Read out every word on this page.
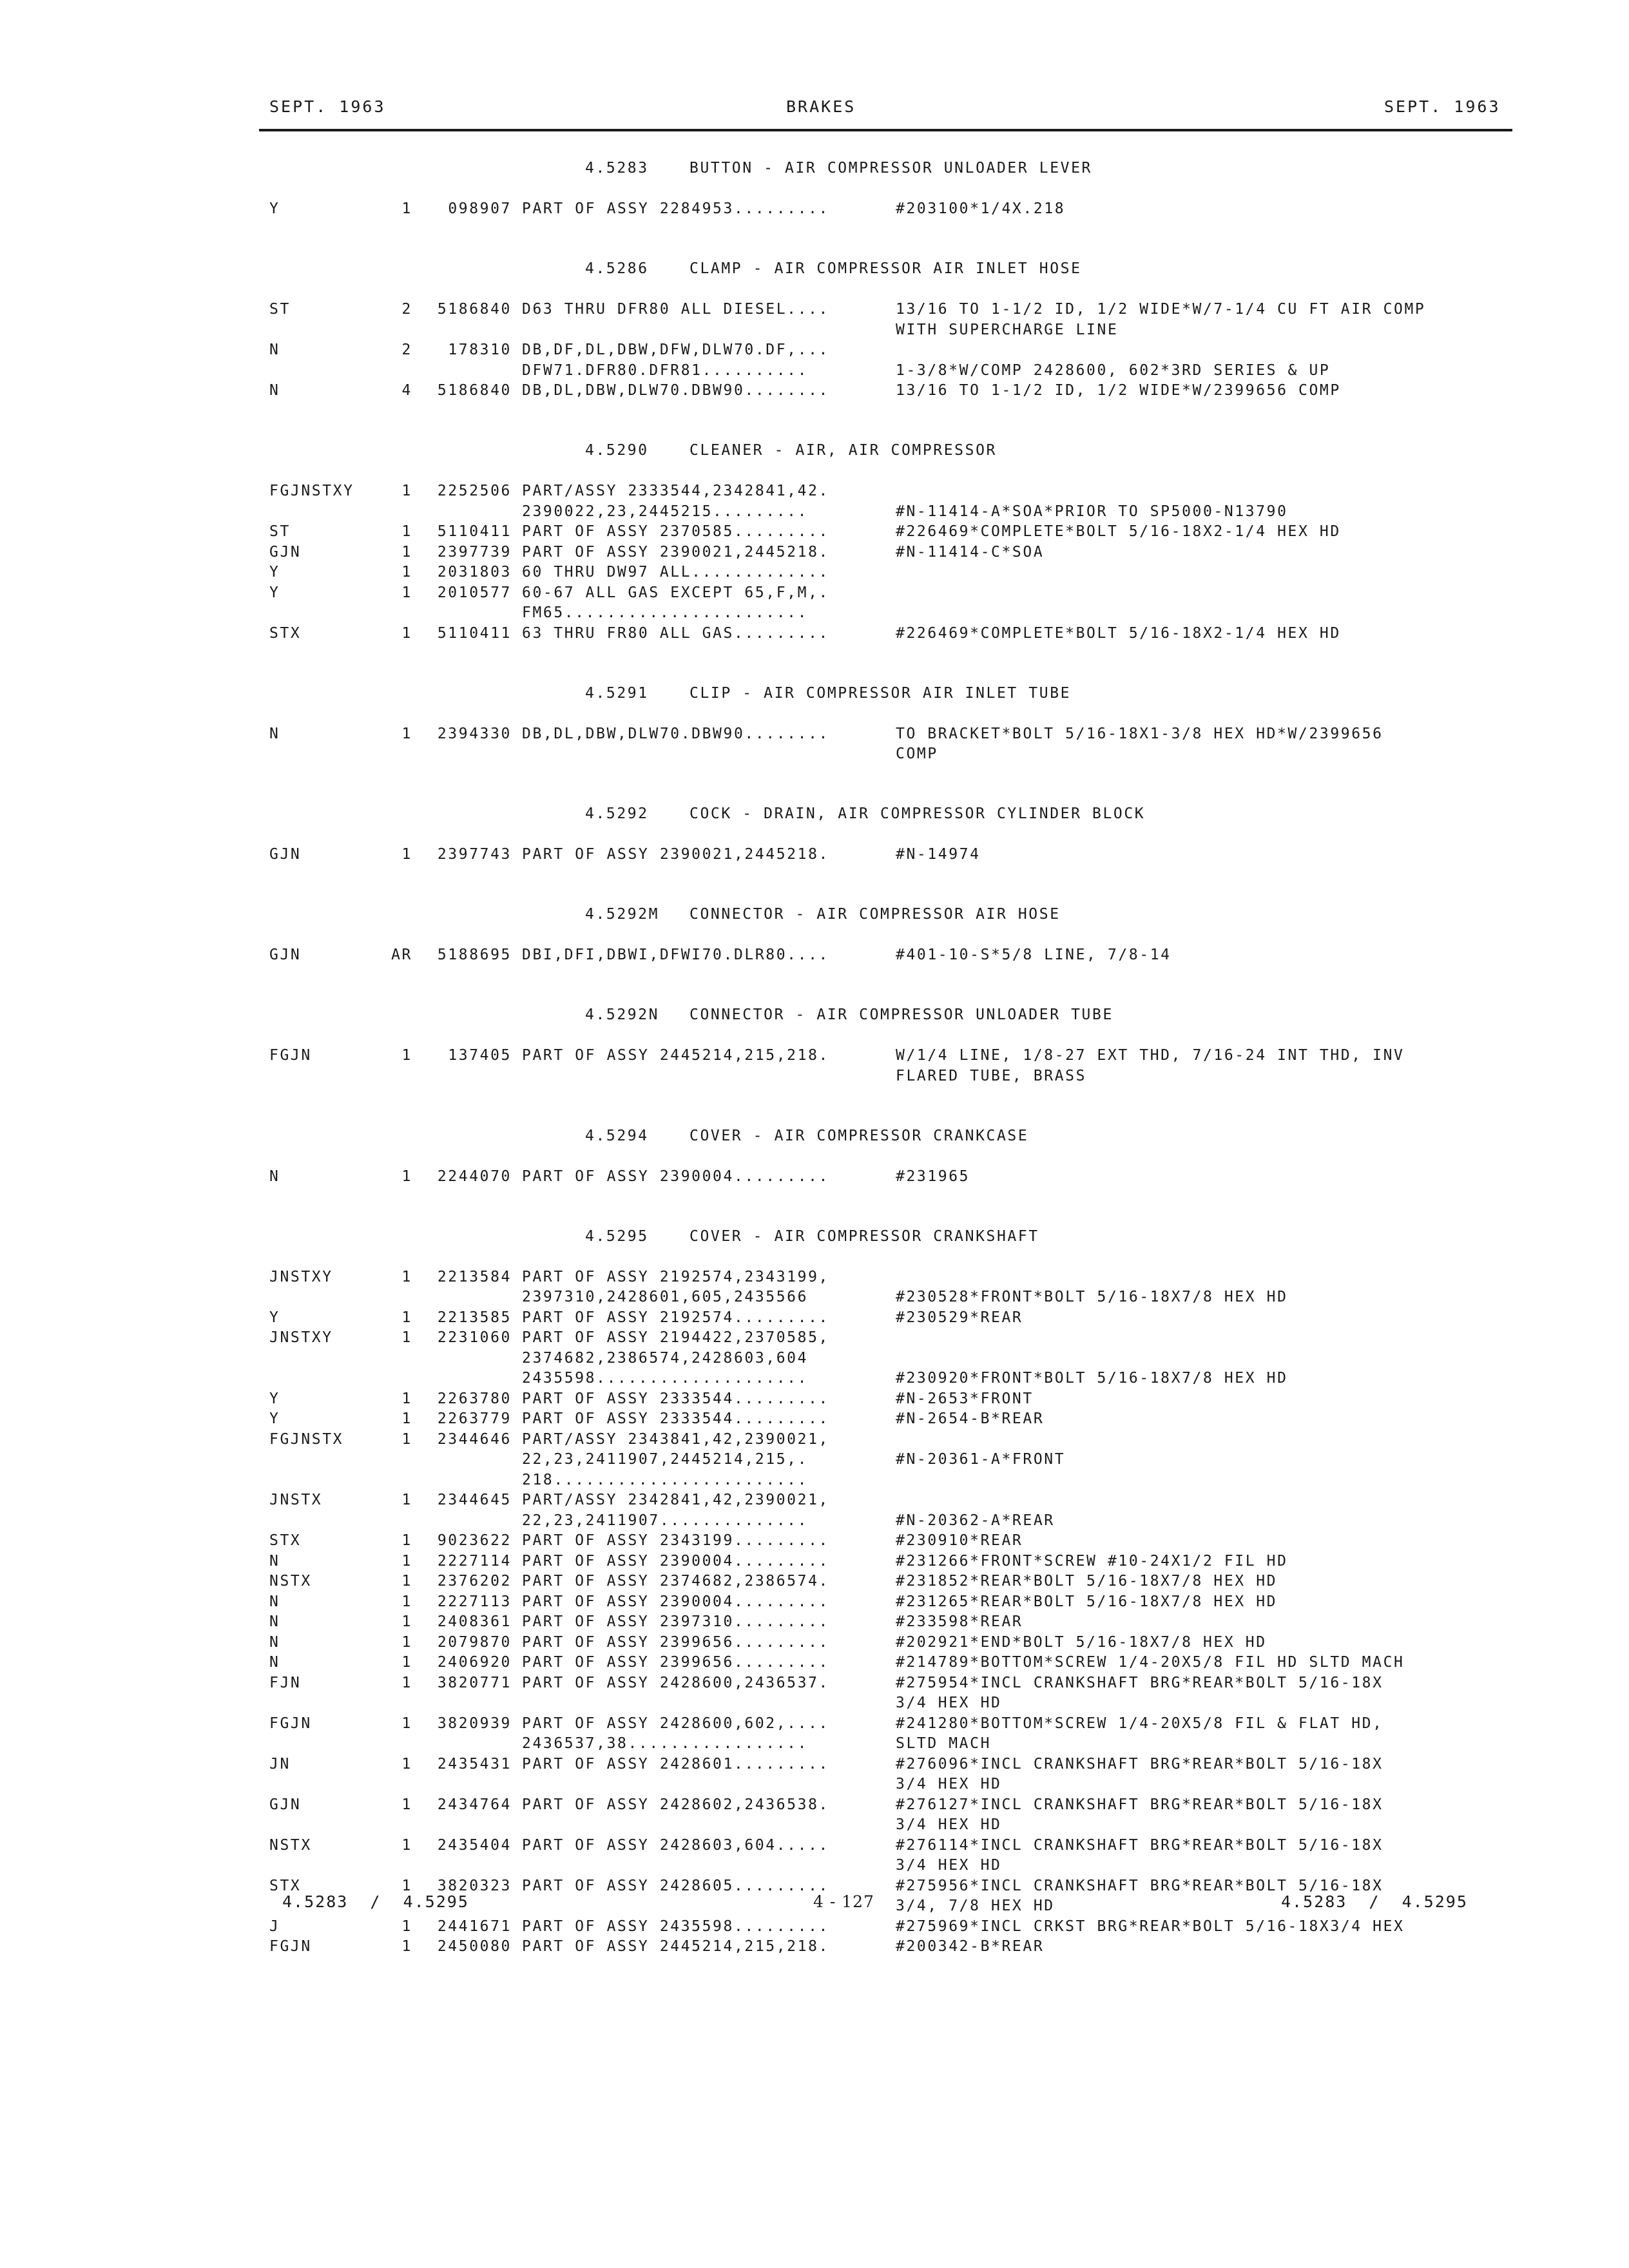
SEPT. 1963	BRAKES	SEPT. 1963
4.5283	BUTTON - AIR COMPRESSOR UNLOADER LEVER
Y	1 098907 PART OF ASSY 2284953.........	#203100*1/4X.218
4.5286	CLAMP - AIR COMPRESSOR AIR INLET HOSE
ST	2 5186840 D63 THRU DFR80 ALL DIESEL....	13/16 TO 1-1/2 ID, 1/2 WIDE*W/7-1/4 CU FT AIR COMP
WITH SUPERCHARGE LINE
N	2 178310 DB,DF,DL,DBW,DFW,DLW70.DF,...
DFW71.DFR80.DFR81..........	1-3/8*W/COMP 2428600, 602*3RD SERIES & UP
N	4 5186840 DB,DL,DBW,DLW70.DBW90........	13/16 TO 1-1/2 ID, 1/2 WIDE*W/2399656 COMP
4.5290	CLEANER - AIR, AIR COMPRESSOR
FGJNSTXY	1 2252506 PART/ASSY 2333544,2342841,42.
2390022,23,2445215.........	#N-11414-A*SOA*PRIOR TO SP5000-N13790
ST	1 5110411 PART OF ASSY 2370585.........	#226469*COMPLETE*BOLT 5/16-18X2-1/4 HEX HD
GJN	1 2397739 PART OF ASSY 2390021,2445218.	#N-11414-C*SOA
Y	1 2031803 60 THRU DW97 ALL.............
Y	1 2010577 60-67 ALL GAS EXCEPT 65,F,M,.
FM65.......................
STX	1 5110411 63 THRU FR80 ALL GAS.........	#226469*COMPLETE*BOLT 5/16-18X2-1/4 HEX HD
4.5291	CLIP - AIR COMPRESSOR AIR INLET TUBE
N	1 2394330 DB,DL,DBW,DLW70.DBW90........	TO BRACKET*BOLT 5/16-18X1-3/8 HEX HD*W/2399656
COMP
4.5292	COCK - DRAIN, AIR COMPRESSOR CYLINDER BLOCK
GJN	1 2397743 PART OF ASSY 2390021,2445218.	#N-14974
4.5292M CONNECTOR - AIR COMPRESSOR AIR HOSE
GJN	AR 5188695 DBI,DFI,DBWI,DFWI70.DLR80....	#401-10-S*5/8 LINE, 7/8-14
4.5292N CONNECTOR - AIR COMPRESSOR UNLOADER TUBE
FGJN	1 137405 PART OF ASSY 2445214,215,218.	W/1/4 LINE, 1/8-27 EXT THD, 7/16-24 INT THD, INV
FLARED TUBE, BRASS
4.5294	COVER - AIR COMPRESSOR CRANKCASE
N	1 2244070 PART OF ASSY 2390004.........	#231965
4.5295	COVER - AIR COMPRESSOR CRANKSHAFT
JNSTXY	1 2213584 PART OF ASSY 2192574,2343199,
2397310,2428601,605,2435566	#230528*FRONT*BOLT 5/16-18X7/8 HEX HD
Y	1 2213585 PART OF ASSY 2192574.........	#230529*REAR
JNSTXY	1 2231060 PART OF ASSY 2194422,2370585,
2374682,2386574,2428603,604
2435598....................	#230920*FRONT*BOLT 5/16-18X7/8 HEX HD
Y	1 2263780 PART OF ASSY 2333544.........	#N-2653*FRONT
Y	1 2263779 PART OF ASSY 2333544.........	#N-2654-B*REAR
FGJNSTX	1 2344646 PART/ASSY 2343841,42,2390021,
22,23,2411907,2445214,215,.	#N-20361-A*FRONT
218........................
JNSTX	1 2344645 PART/ASSY 2342841,42,2390021,
22,23,2411907..............	#N-20362-A*REAR
STX	1 9023622 PART OF ASSY 2343199.........	#230910*REAR
N	1 2227114 PART OF ASSY 2390004.........	#231266*FRONT*SCREW #10-24X1/2 FIL HD
NSTX	1 2376202 PART OF ASSY 2374682,2386574.	#231852*REAR*BOLT 5/16-18X7/8 HEX HD
N	1 2227113 PART OF ASSY 2390004.........	#231265*REAR*BOLT 5/16-18X7/8 HEX HD
N	1 2408361 PART OF ASSY 2397310.........	#233598*REAR
N	1 2079870 PART OF ASSY 2399656.........	#202921*END*BOLT 5/16-18X7/8 HEX HD
N	1 2406920 PART OF ASSY 2399656.........	#214789*BOTTOM*SCREW 1/4-20X5/8 FIL HD SLTD MACH
FJN	1 3820771 PART OF ASSY 2428600,2436537.	#275954*INCL CRANKSHAFT BRG*REAR*BOLT 5/16-18X
3/4 HEX HD
FGJN	1 3820939 PART OF ASSY 2428600,602,....	#241280*BOTTOM*SCREW 1/4-20X5/8 FIL & FLAT HD,
2436537,38.................	SLTD MACH
JN	1 2435431 PART OF ASSY 2428601.........	#276096*INCL CRANKSHAFT BRG*REAR*BOLT 5/16-18X
3/4 HEX HD
GJN	1 2434764 PART OF ASSY 2428602,2436538.	#276127*INCL CRANKSHAFT BRG*REAR*BOLT 5/16-18X
3/4 HEX HD
NSTX	1 2435404 PART OF ASSY 2428603,604.....	#276114*INCL CRANKSHAFT BRG*REAR*BOLT 5/16-18X
3/4 HEX HD
STX	1 3820323 PART OF ASSY 2428605.........	#275956*INCL CRANKSHAFT BRG*REAR*BOLT 5/16-18X
3/4, 7/8 HEX HD
J	1 2441671 PART OF ASSY 2435598.........	#275969*INCL CRKST BRG*REAR*BOLT 5/16-18X3/4 HEX
FGJN	1 2450080 PART OF ASSY 2445214,215,218.	#200342-B*REAR
4.5283  /  4.5295	4 - 127	4.5283  /  4.5295
